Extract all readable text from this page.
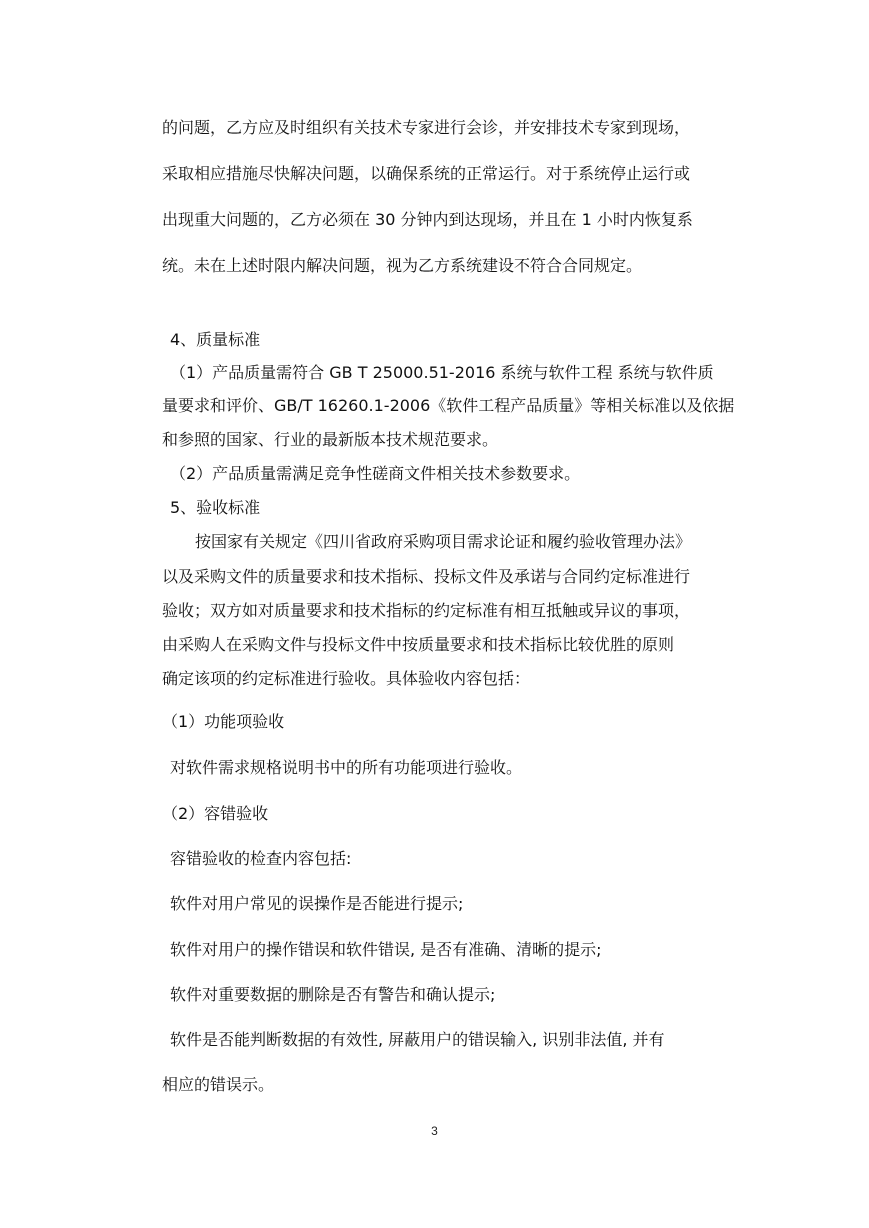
的问题，乙方应及时组织有关技术专家进行会诊，并安排技术专家到现场，
采取相应措施尽快解决问题，以确保系统的正常运行。对于系统停止运行或
出现重大问题的，乙方必须在 30 分钟内到达现场，并且在 1 小时内恢复系
统。未在上述时限内解决问题，视为乙方系统建设不符合合同规定。
4、质量标准
（1）产品质量需符合 GB T 25000.51-2016 系统与软件工程 系统与软件质
量要求和评价、GB/T 16260.1-2006《软件工程产品质量》等相关标准以及依据
和参照的国家、行业的最新版本技术规范要求。
（2）产品质量需满足竞争性磋商文件相关技术参数要求。
5、验收标准
按国家有关规定《四川省政府采购项目需求论证和履约验收管理办法》
以及采购文件的质量要求和技术指标、投标文件及承诺与合同约定标准进行
验收；双方如对质量要求和技术指标的约定标准有相互抵触或异议的事项，
由采购人在采购文件与投标文件中按质量要求和技术指标比较优胜的原则
确定该项的约定标准进行验收。具体验收内容包括：
（1）功能项验收
对软件需求规格说明书中的所有功能项进行验收。
（2）容错验收
容错验收的检查内容包括:
软件对用户常见的误操作是否能进行提示;
软件对用户的操作错误和软件错误, 是否有准确、清晰的提示;
软件对重要数据的删除是否有警告和确认提示;
软件是否能判断数据的有效性, 屏蔽用户的错误输入, 识别非法值, 并有
相应的错误示。
3
